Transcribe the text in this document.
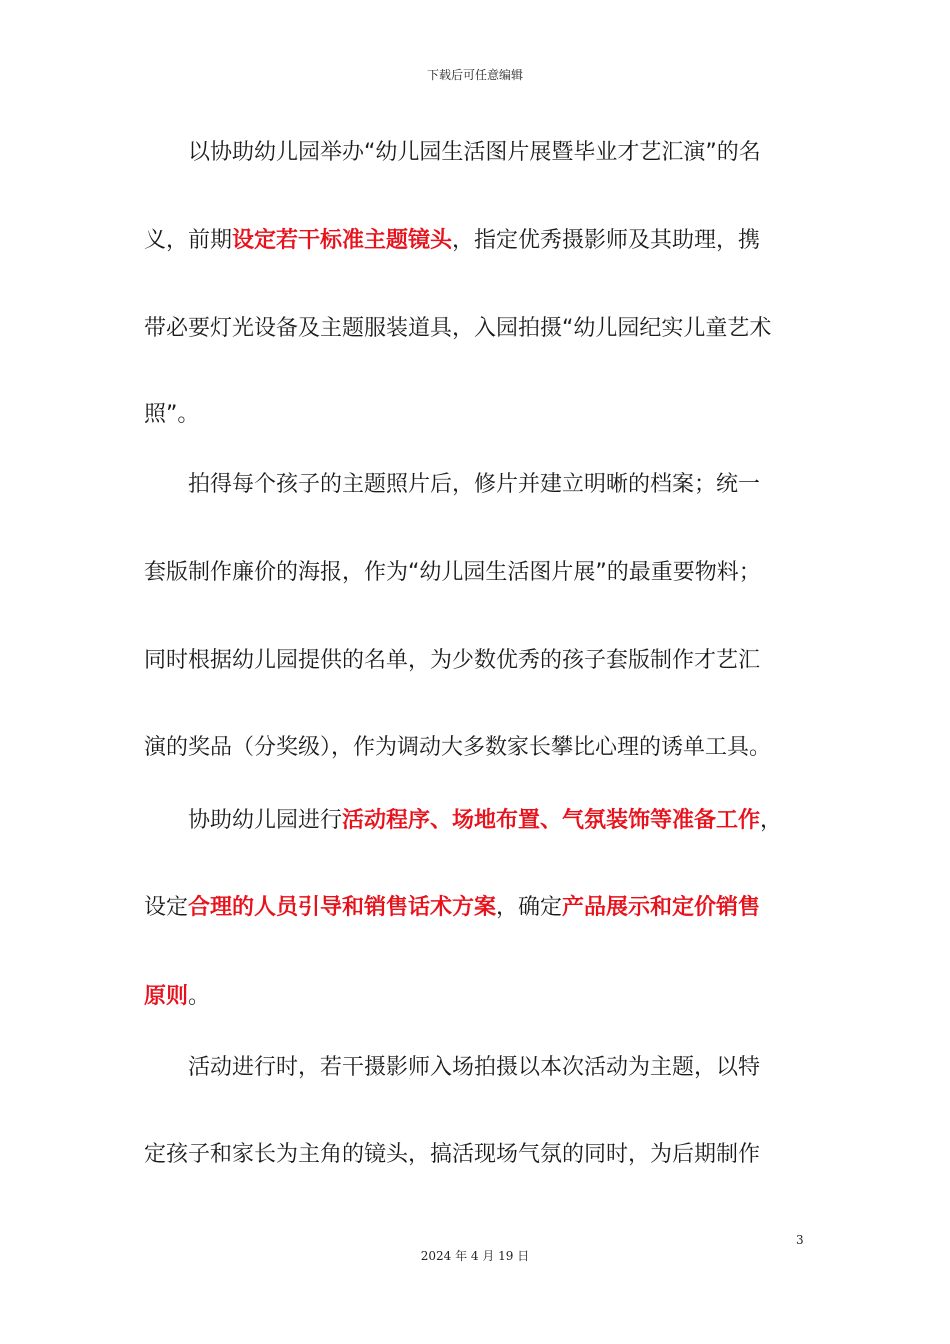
下载后可任意编辑
以协助幼儿园举办“幼儿园生活图片展暨毕业才艺汇演”的名
义，前期设定若干标准主题镜头，指定优秀摄影师及其助理，携
带必要灯光设备及主题服装道具，入园拍摄“幼儿园纪实儿童艺术
照”。
拍得每个孩子的主题照片后，修片并建立明晰的档案；统一
套版制作廉价的海报，作为“幼儿园生活图片展”的最重要物料；
同时根据幼儿园提供的名单，为少数优秀的孩子套版制作才艺汇
演的奖品（分奖级），作为调动大多数家长攀比心理的诱单工具。
协助幼儿园进行活动程序、场地布置、气氛装饰等准备工作，
设定合理的人员引导和销售话术方案，确定产品展示和定价销售
原则。
活动进行时，若干摄影师入场拍摄以本次活动为主题，以特
定孩子和家长为主角的镜头，搞活现场气氛的同时，为后期制作
3
2024 年 4 月 19 日
